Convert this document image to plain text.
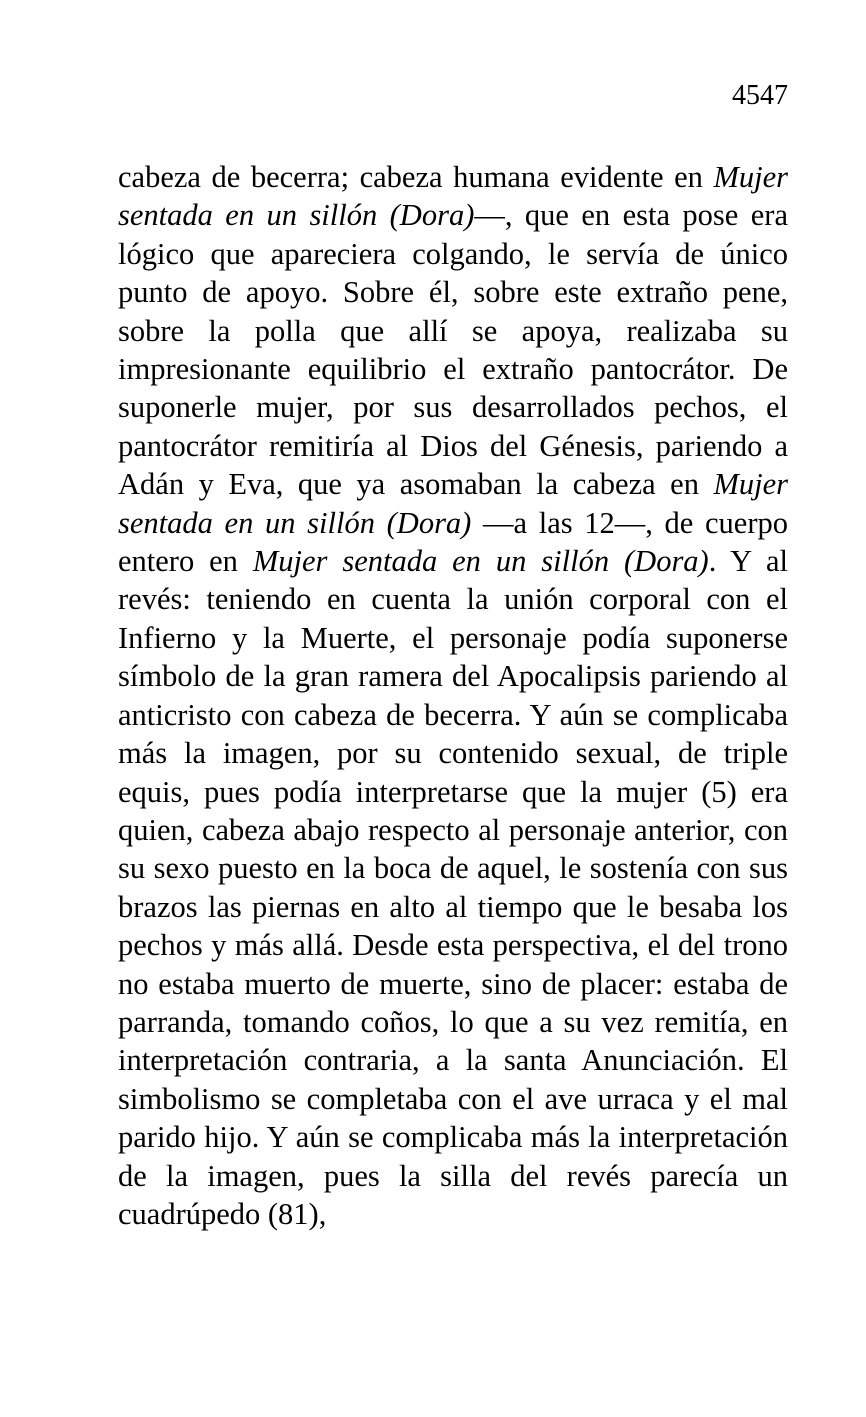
4547

cabeza de becerra; cabeza humana evidente en Mujer sentada en un sillón (Dora)—, que en esta pose era lógico que apareciera colgando, le servía de único punto de apoyo. Sobre él, sobre este extraño pene, sobre la polla que allí se apoya, realizaba su impresionante equilibrio el extraño pantocrátor. De suponerle mujer, por sus desarrollados pechos, el pantocrátor remitiría al Dios del Génesis, pariendo a Adán y Eva, que ya asomaban la cabeza en Mujer sentada en un sillón (Dora) —a las 12—, de cuerpo entero en Mujer sentada en un sillón (Dora). Y al revés: teniendo en cuenta la unión corporal con el Infierno y la Muerte, el personaje podía suponerse símbolo de la gran ramera del Apocalipsis pariendo al anticristo con cabeza de becerra. Y aún se complicaba más la imagen, por su contenido sexual, de triple equis, pues podía interpretarse que la mujer (5) era quien, cabeza abajo respecto al personaje anterior, con su sexo puesto en la boca de aquel, le sostenía con sus brazos las piernas en alto al tiempo que le besaba los pechos y más allá. Desde esta perspectiva, el del trono no estaba muerto de muerte, sino de placer: estaba de parranda, tomando coños, lo que a su vez remitía, en interpretación contraria, a la santa Anunciación. El simbolismo se completaba con el ave urraca y el mal parido hijo. Y aún se complicaba más la interpretación de la imagen, pues la silla del revés parecía un cuadrúpedo (81),
